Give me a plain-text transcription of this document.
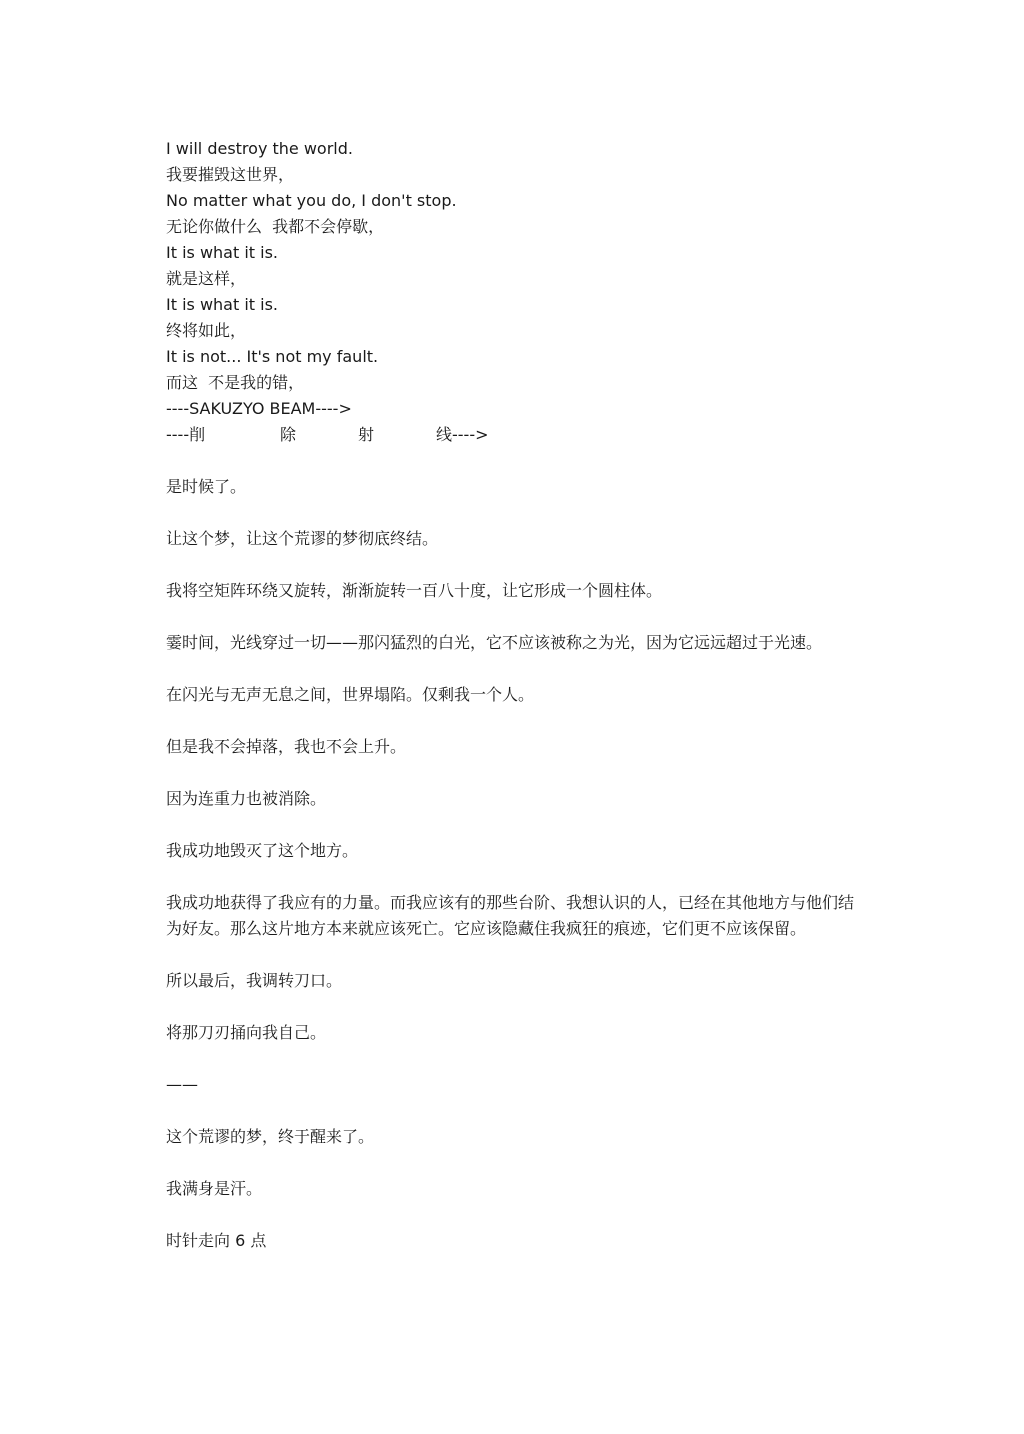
I will destroy the world.
我要摧毁这世界，
No matter what you do, I don't stop.
无论你做什么  我都不会停歇，
It is what it is.
就是这样，
It is what it is.
终将如此，
It is not... It's not my fault.
而这  不是我的错，
----SAKUZYO BEAM---->
----削	除	射	线---->

是时候了。

让这个梦，让这个荒谬的梦彻底终结。

我将空矩阵环绕又旋转，渐渐旋转一百八十度，让它形成一个圆柱体。

霎时间，光线穿过一切——那闪猛烈的白光，它不应该被称之为光，因为它远远超过于光速。

在闪光与无声无息之间，世界塌陷。仅剩我一个人。

但是我不会掉落，我也不会上升。

因为连重力也被消除。

我成功地毁灭了这个地方。

我成功地获得了我应有的力量。而我应该有的那些台阶、我想认识的人，已经在其他地方与他们结为好友。那么这片地方本来就应该死亡。它应该隐藏住我疯狂的痕迹，它们更不应该保留。

所以最后，我调转刀口。

将那刀刃捅向我自己。

——

这个荒谬的梦，终于醒来了。

我满身是汗。

时针走向 6 点
